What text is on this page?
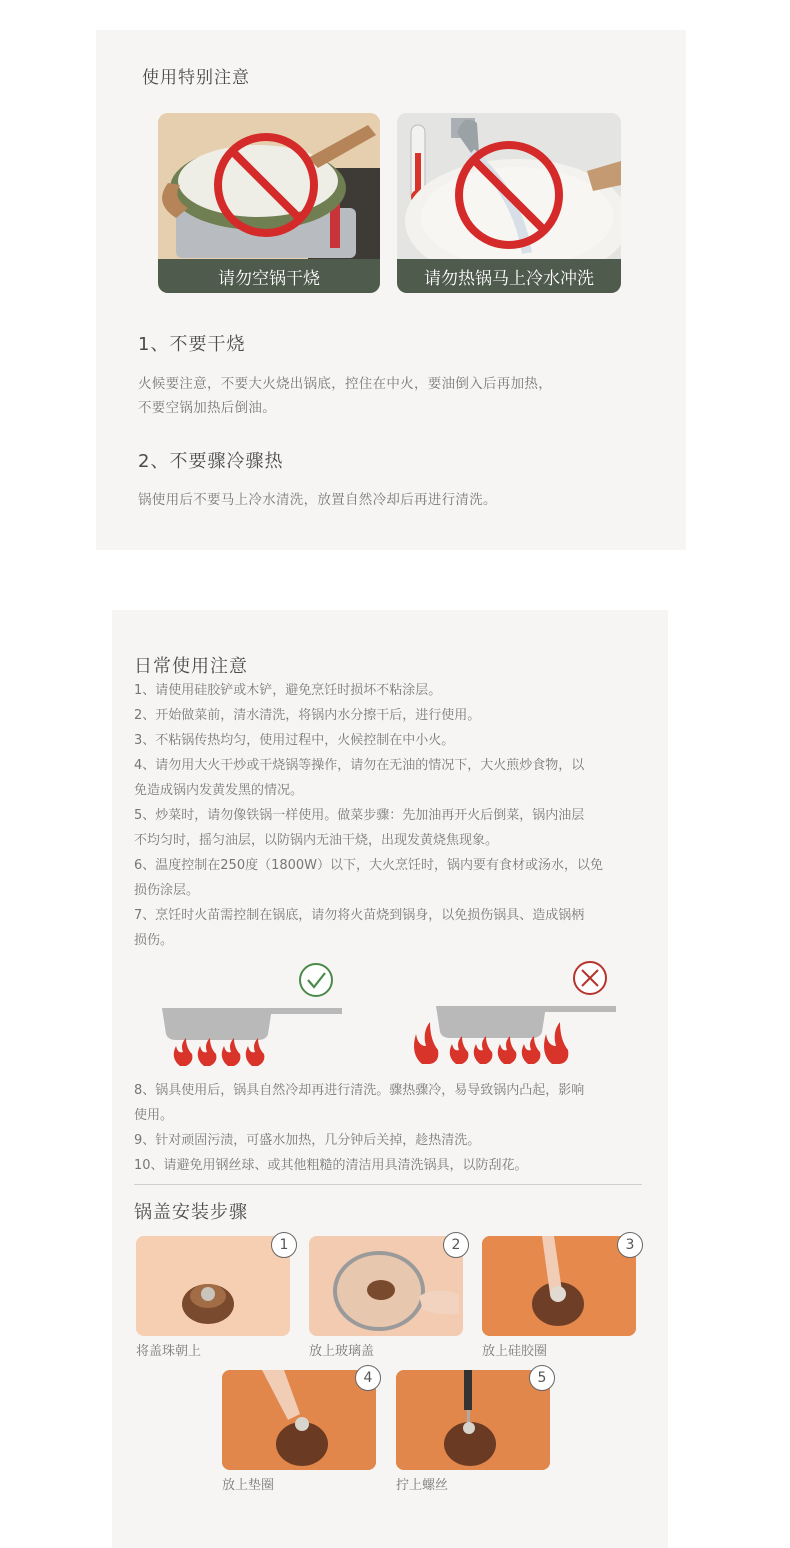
使用特别注意
请勿空锅干烧	请勿热锅马上冷水冲洗
1、不要干烧
火候要注意，不要大火烧出锅底，控住在中火，要油倒入后再加热，
不要空锅加热后倒油。
2、不要骤冷骤热
锅使用后不要马上冷水清洗，放置自然冷却后再进行清洗。
日常使用注意
1、请使用硅胶铲或木铲，避免烹饪时损坏不粘涂层。
2、开始做菜前，清水清洗，将锅内水分擦干后，进行使用。
3、不粘锅传热均匀，使用过程中，火候控制在中小火。
4、请勿用大火干炒或干烧锅等操作，请勿在无油的情况下，大火煎炒食物，以
免造成锅内发黄发黑的情况。
5、炒菜时，请勿像铁锅一样使用。做菜步骤：先加油再开火后倒菜，锅内油层
不均匀时，摇匀油层，以防锅内无油干烧，出现发黄烧焦现象。
6、温度控制在250度（1800W）以下，大火烹饪时，锅内要有食材或汤水，以免
损伤涂层。
7、烹饪时火苗需控制在锅底，请勿将火苗烧到锅身，以免损伤锅具、造成锅柄
损伤。
8、锅具使用后，锅具自然冷却再进行清洗。骤热骤冷，易导致锅内凸起，影响
使用。
9、针对顽固污渍，可盛水加热，几分钟后关掉，趁热清洗。
10、请避免用钢丝球、或其他粗糙的清洁用具清洗锅具，以防刮花。
锅盖安装步骤
1
将盖珠朝上
2
放上玻璃盖
3
放上硅胶圈
4
放上垫圈
5
拧上螺丝
